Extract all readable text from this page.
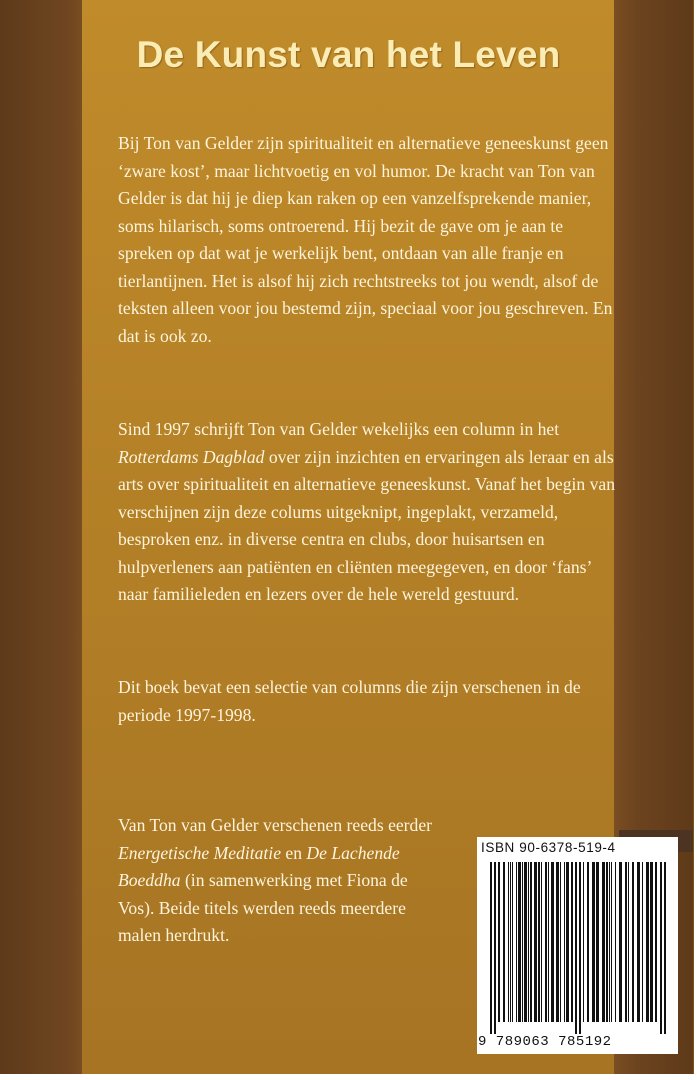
De Kunst van het Leven

Bij Ton van Gelder zijn spiritualiteit en alternatieve geneeskunst geen ‘zware kost’, maar lichtvoetig en vol humor. De kracht van Ton van Gelder is dat hij je diep kan raken op een vanzelfsprekende manier, soms hilarisch, soms ontroerend. Hij bezit de gave om je aan te spreken op dat wat je werkelijk bent, ontdaan van alle franje en tierlantijnen. Het is alsof hij zich rechtstreeks tot jou wendt, alsof de teksten alleen voor jou bestemd zijn, speciaal voor jou geschreven. En dat is ook zo.

Sind 1997 schrijft Ton van Gelder wekelijks een column in het Rotterdams Dagblad over zijn inzichten en ervaringen als leraar en als arts over spiritualiteit en alternatieve geneeskunst. Vanaf het begin van verschijnen zijn deze colums uitgeknipt, ingeplakt, verzameld, besproken enz. in diverse centra en clubs, door huisartsen en hulpverleners aan patiënten en cliënten meegegeven, en door ‘fans’ naar familieleden en lezers over de hele wereld gestuurd.

Dit boek bevat een selectie van columns die zijn verschenen in de periode 1997-1998.

Van Ton van Gelder verschenen reeds eerder Energetische Meditatie en De Lachende Boeddha (in samenwerking met Fiona de Vos). Beide titels werden reeds meerdere malen herdrukt.

ISBN 90-6378-519-4
9 789063 785192
